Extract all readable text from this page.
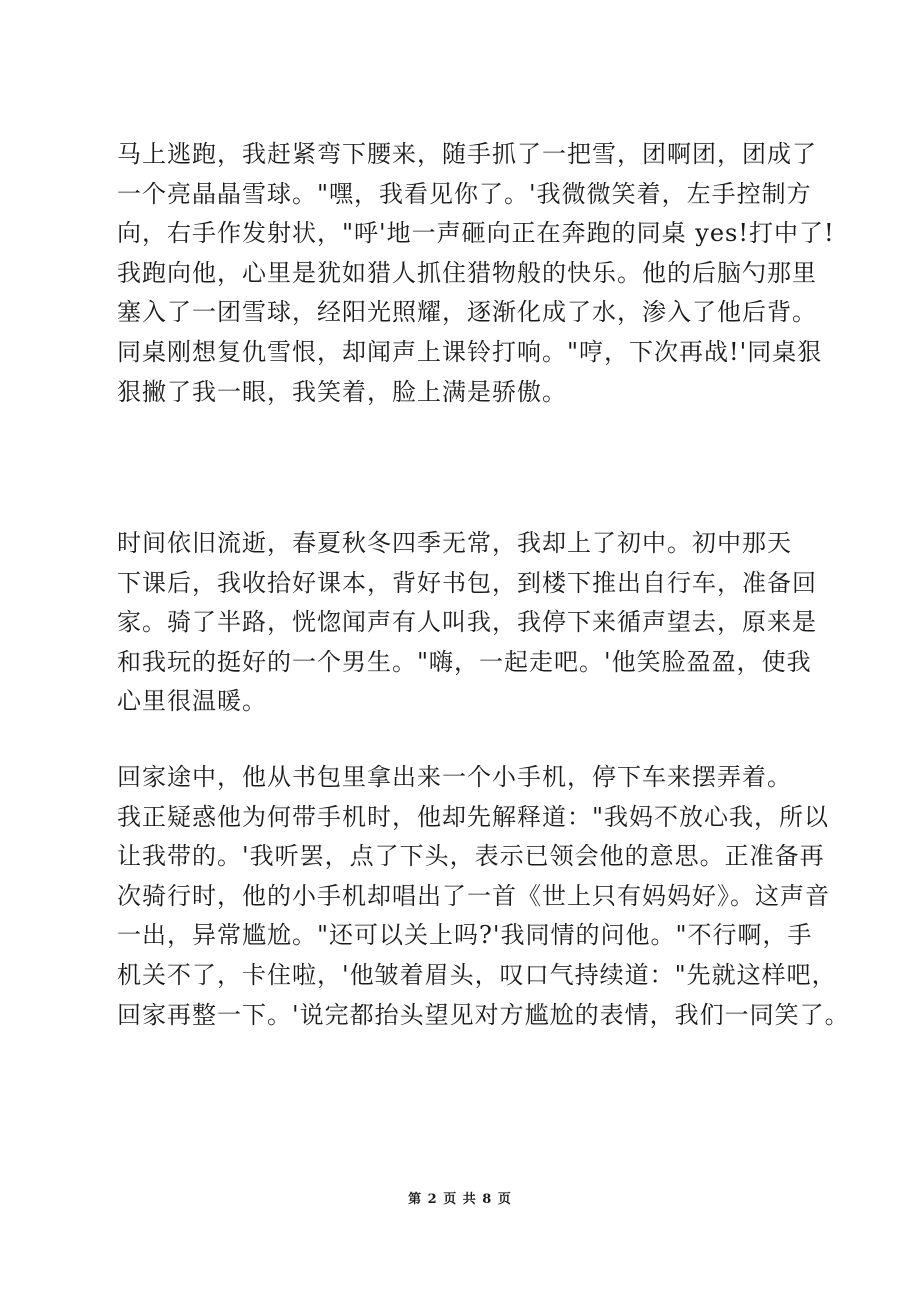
马上逃跑，我赶紧弯下腰来，随手抓了一把雪，团啊团，团成了
一个亮晶晶雪球。"嘿，我看见你了。'我微微笑着，左手控制方
向，右手作发射状，"呼'地一声砸向正在奔跑的同桌 yes!打中了!
我跑向他，心里是犹如猎人抓住猎物般的快乐。他的后脑勺那里
塞入了一团雪球，经阳光照耀，逐渐化成了水，渗入了他后背。
同桌刚想复仇雪恨，却闻声上课铃打响。"哼，下次再战!'同桌狠
狠撇了我一眼，我笑着，脸上满是骄傲。
时间依旧流逝，春夏秋冬四季无常，我却上了初中。初中那天
下课后，我收拾好课本，背好书包，到楼下推出自行车，准备回
家。骑了半路，恍惚闻声有人叫我，我停下来循声望去，原来是
和我玩的挺好的一个男生。"嗨，一起走吧。'他笑脸盈盈，使我
心里很温暖。
回家途中，他从书包里拿出来一个小手机，停下车来摆弄着。
我正疑惑他为何带手机时，他却先解释道："我妈不放心我，所以
让我带的。'我听罢，点了下头，表示已领会他的意思。正准备再
次骑行时，他的小手机却唱出了一首《世上只有妈妈好》。这声音
一出，异常尴尬。"还可以关上吗?'我同情的问他。"不行啊，手
机关不了，卡住啦，'他皱着眉头，叹口气持续道："先就这样吧，
回家再整一下。'说完都抬头望见对方尴尬的表情，我们一同笑了。
第 2 页 共 8 页
